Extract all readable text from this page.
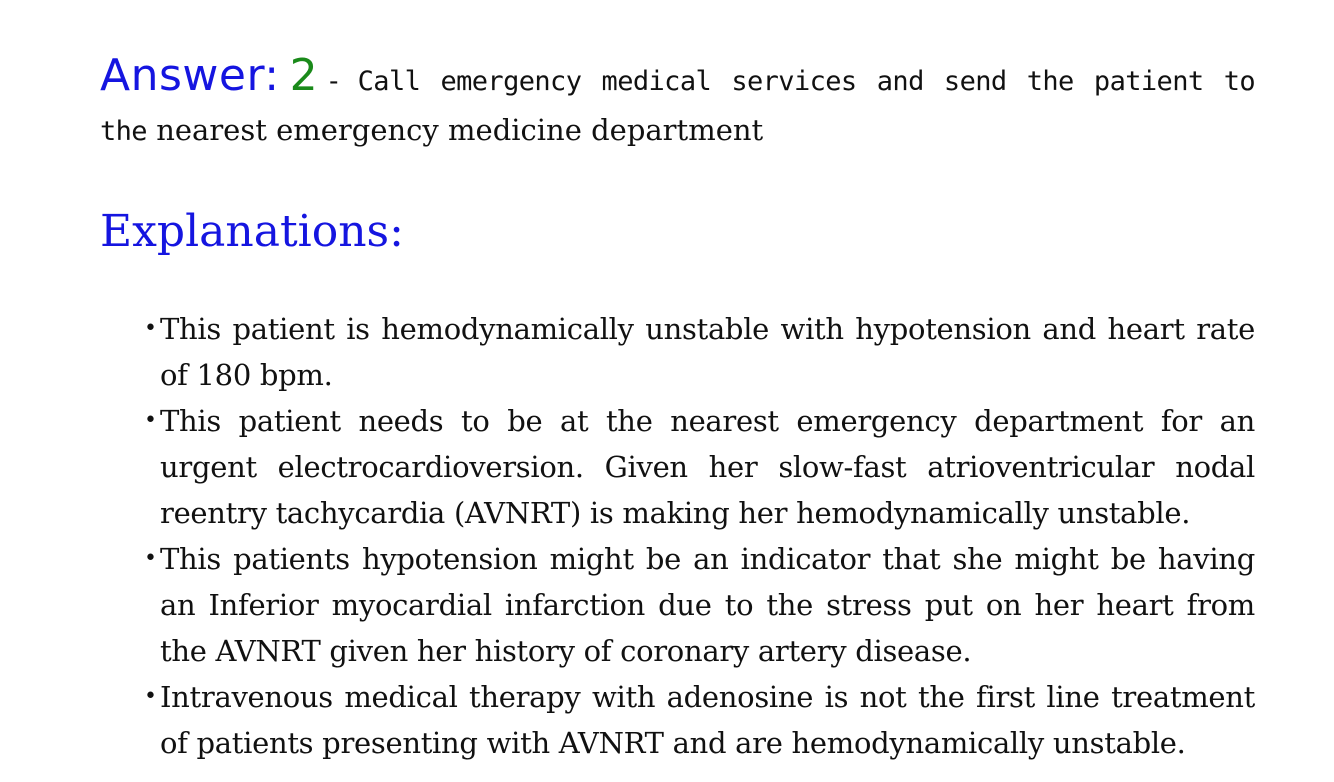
Answer: 2 - Call emergency medical services and send the patient to the nearest emergency medicine department
Explanations:
• This patient is hemodynamically unstable with hypotension and heart rate of 180 bpm.
• This patient needs to be at the nearest emergency department for an urgent electrocardioversion. Given her slow-fast atrioventricular nodal reentry tachycardia (AVNRT) is making her hemodynamically unstable.
• This patients hypotension might be an indicator that she might be having an Inferior myocardial infarction due to the stress put on her heart from the AVNRT given her history of coronary artery disease.
• Intravenous medical therapy with adenosine is not the first line treatment of patients presenting with AVNRT and are hemodynamically unstable.
